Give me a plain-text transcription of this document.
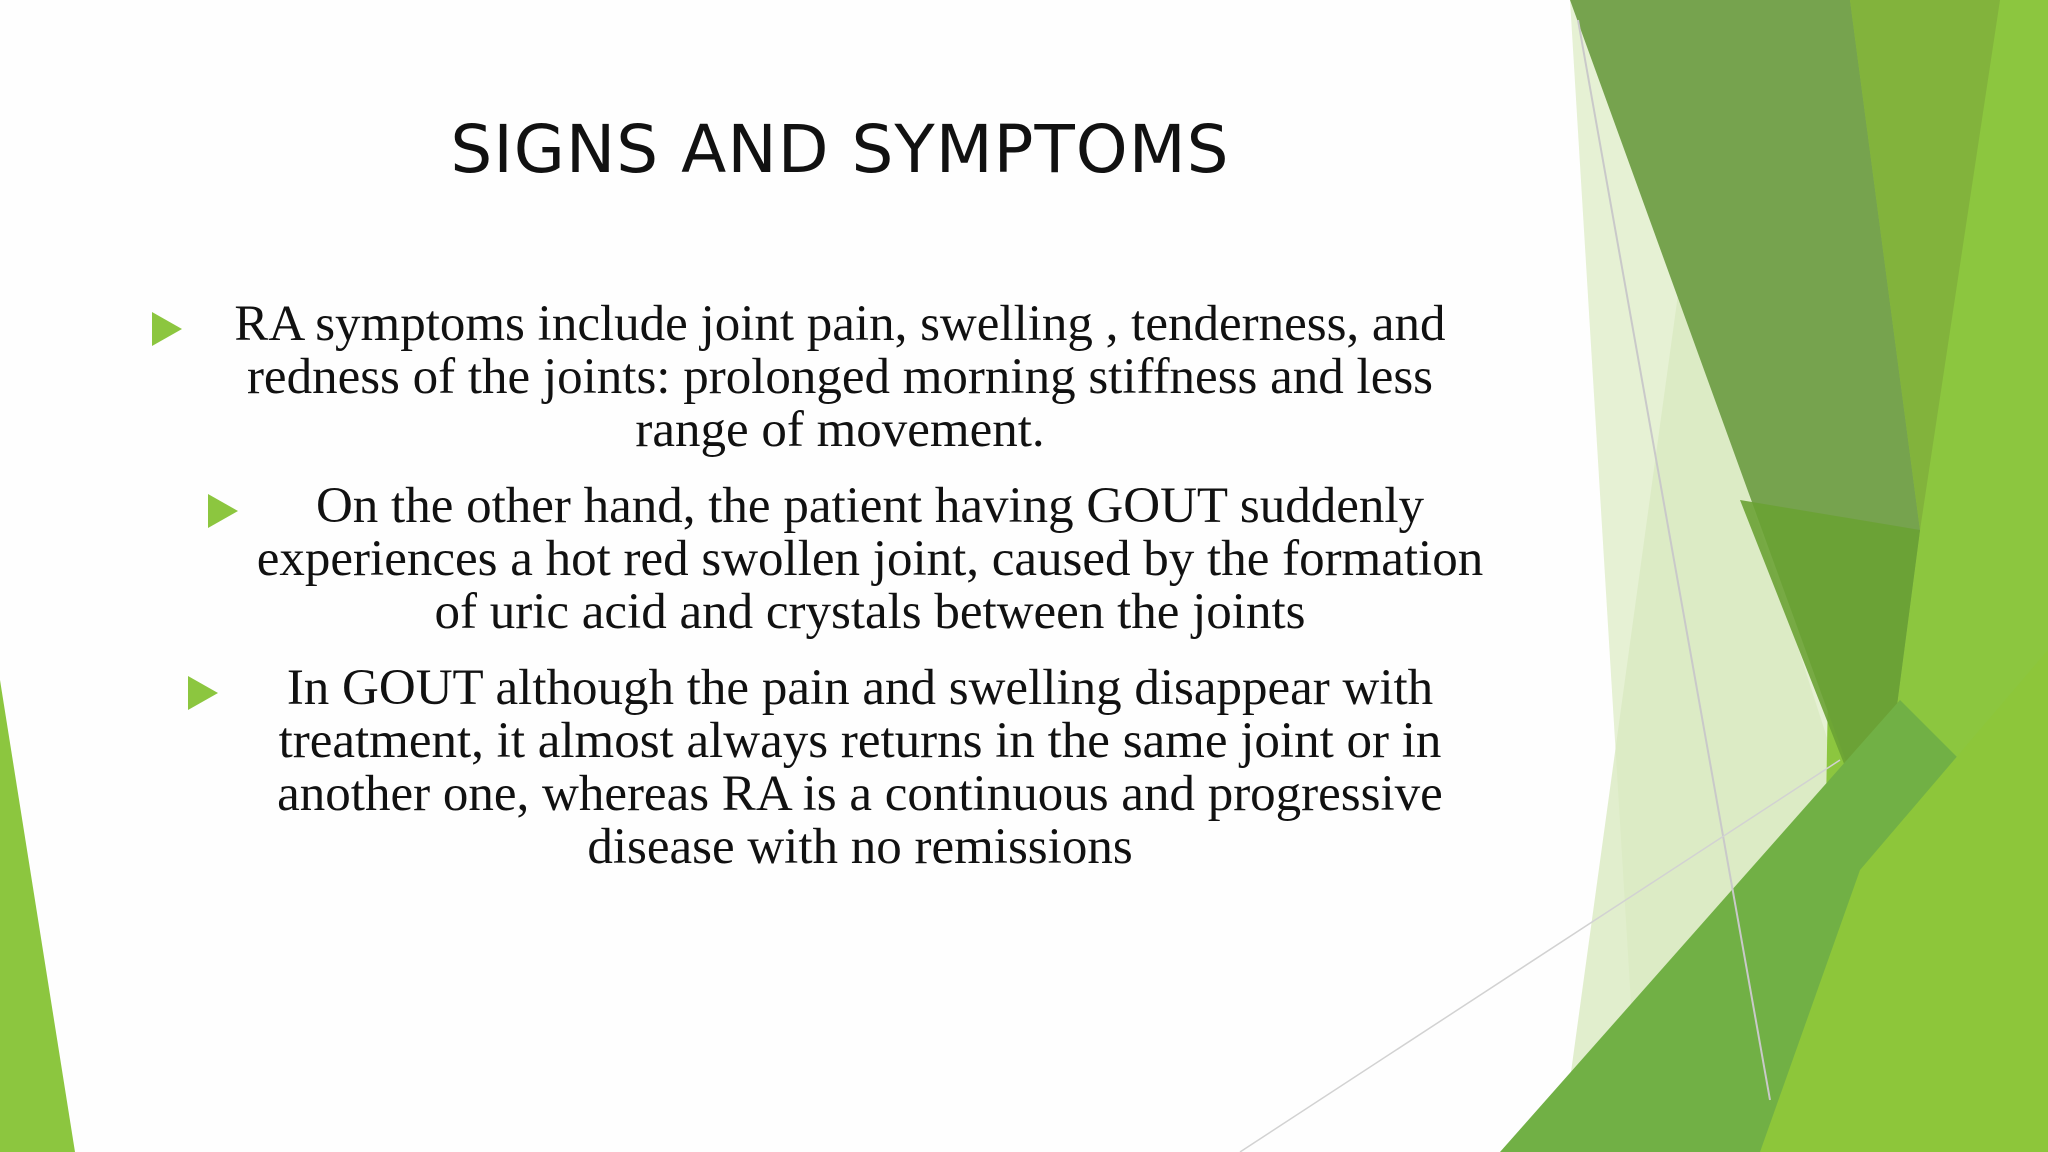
SIGNS AND SYMPTOMS
RA symptoms include joint pain, swelling , tenderness, and
redness of the joints: prolonged morning stiffness and less
range of movement.
On the other hand, the patient having GOUT suddenly
experiences a hot red swollen joint, caused by the formation
of uric acid and crystals between the joints
In GOUT although the pain and swelling disappear with
treatment, it almost always returns in the same joint or in
another one, whereas RA is a continuous and progressive
disease with no remissions
